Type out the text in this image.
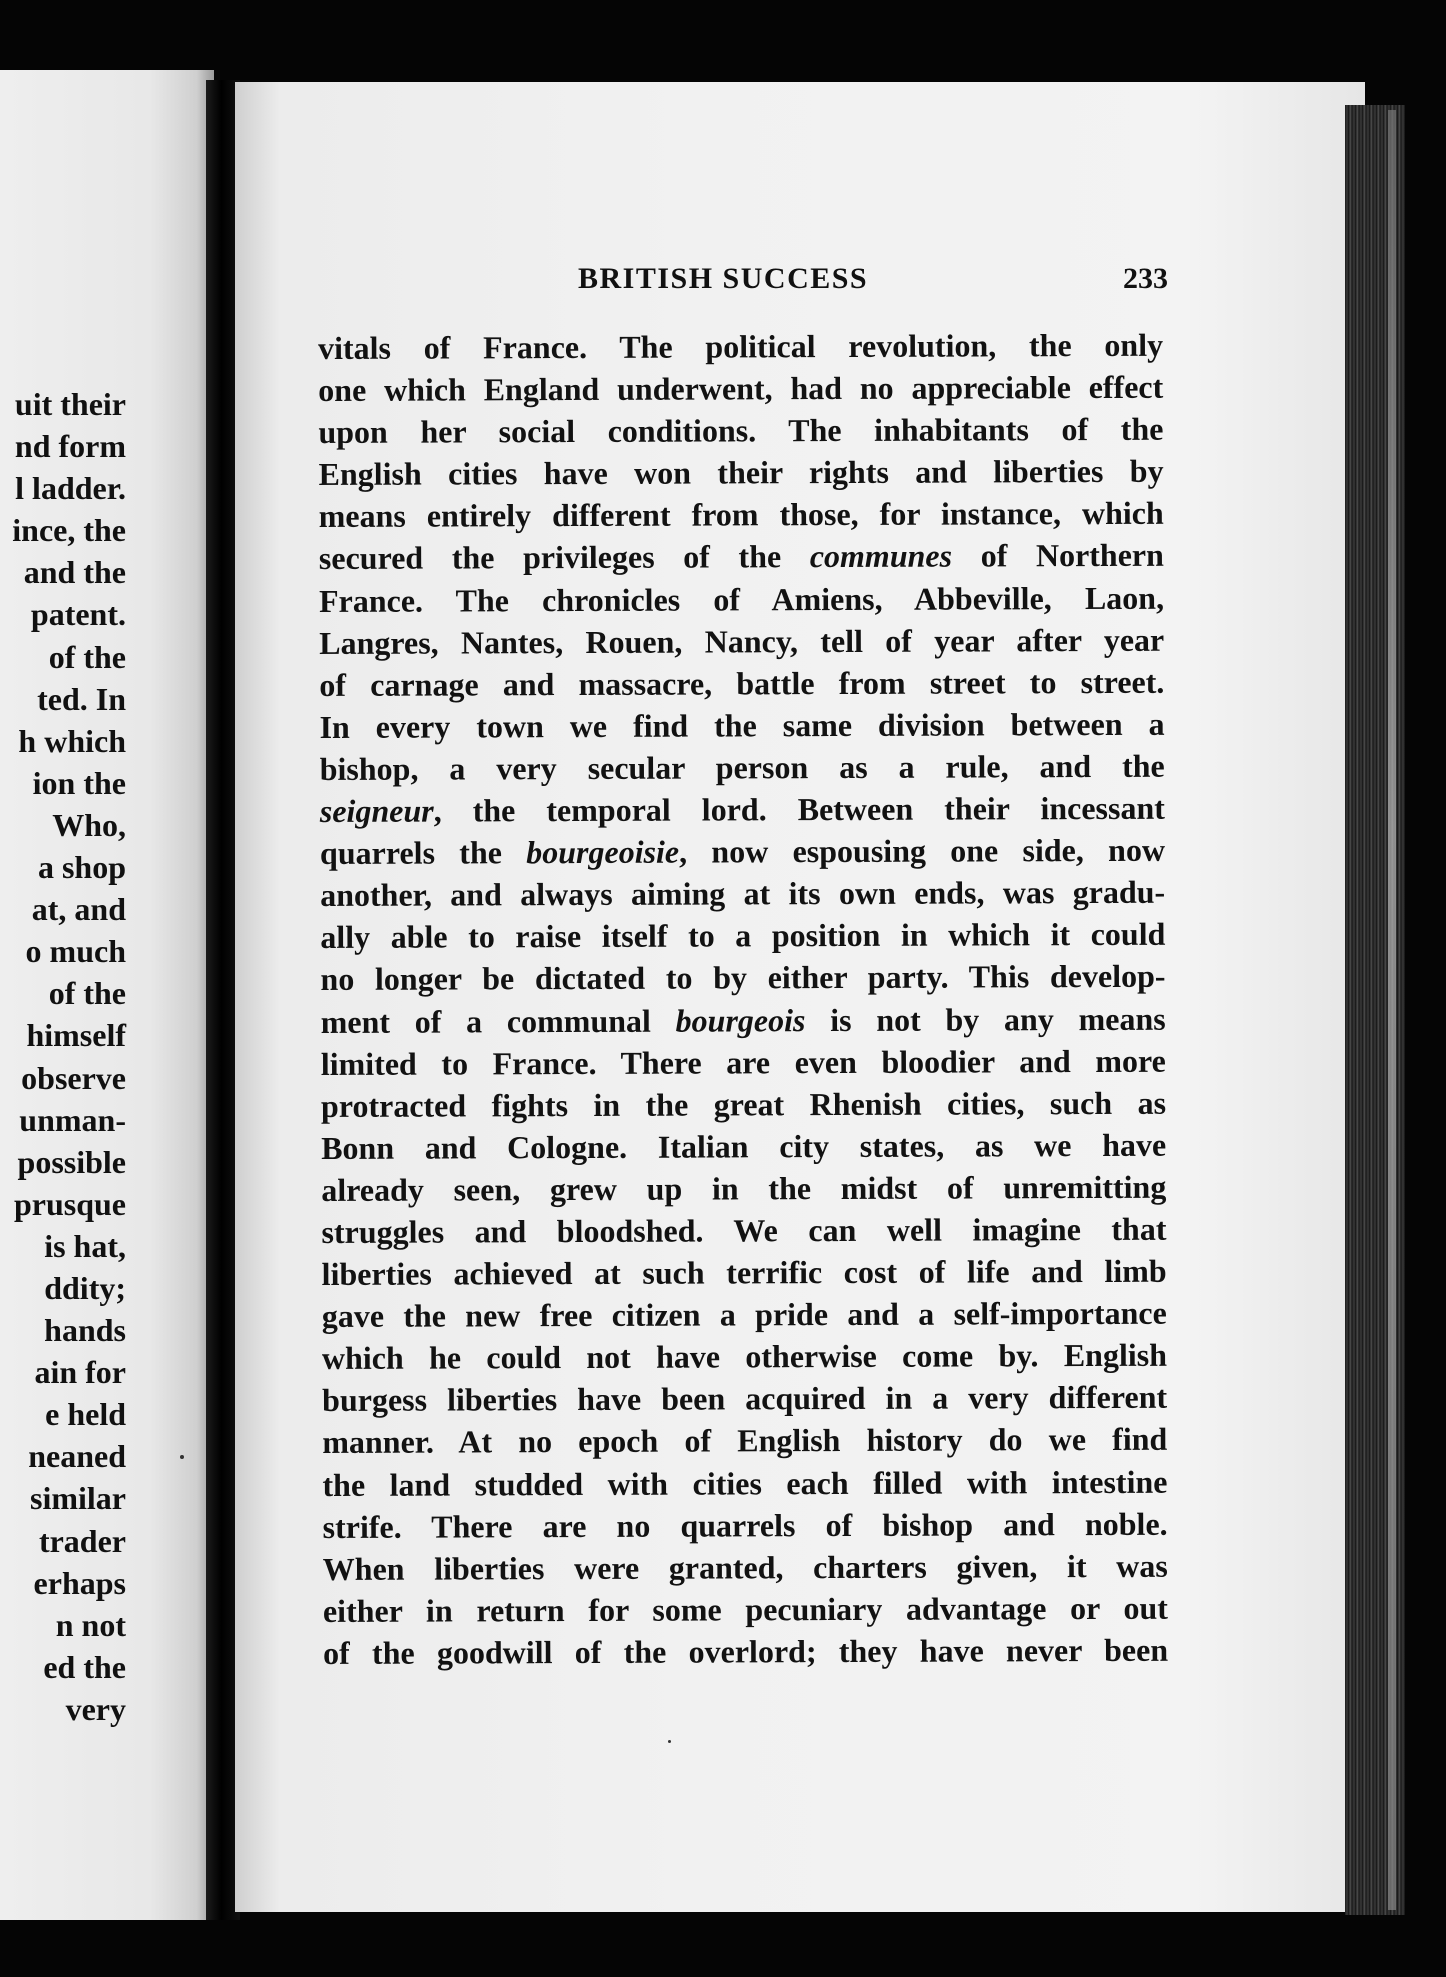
uit their
nd form
l ladder.
ince, the
and the
patent.
of the
ted. In
h which
ion the
Who,
a shop
at, and
o much
of the
himself
observe
unman-
possible
prusque
is hat,
ddity;
hands
ain for
e held
neaned
similar
trader
erhaps
n not
ed the
very
BRITISH SUCCESS	233
vitals of France. The political revolution, the only
one which England underwent, had no appreciable effect
upon her social conditions. The inhabitants of the
English cities have won their rights and liberties by
means entirely different from those, for instance, which
secured the privileges of the communes of Northern
France. The chronicles of Amiens, Abbeville, Laon,
Langres, Nantes, Rouen, Nancy, tell of year after year
of carnage and massacre, battle from street to street.
In every town we find the same division between a
bishop, a very secular person as a rule, and the
seigneur, the temporal lord. Between their incessant
quarrels the bourgeoisie, now espousing one side, now
another, and always aiming at its own ends, was gradu-
ally able to raise itself to a position in which it could
no longer be dictated to by either party. This develop-
ment of a communal bourgeois is not by any means
limited to France. There are even bloodier and more
protracted fights in the great Rhenish cities, such as
Bonn and Cologne. Italian city states, as we have
already seen, grew up in the midst of unremitting
struggles and bloodshed. We can well imagine that
liberties achieved at such terrific cost of life and limb
gave the new free citizen a pride and a self-importance
which he could not have otherwise come by. English
burgess liberties have been acquired in a very different
manner. At no epoch of English history do we find
the land studded with cities each filled with intestine
strife. There are no quarrels of bishop and noble.
When liberties were granted, charters given, it was
either in return for some pecuniary advantage or out
of the goodwill of the overlord; they have never been
